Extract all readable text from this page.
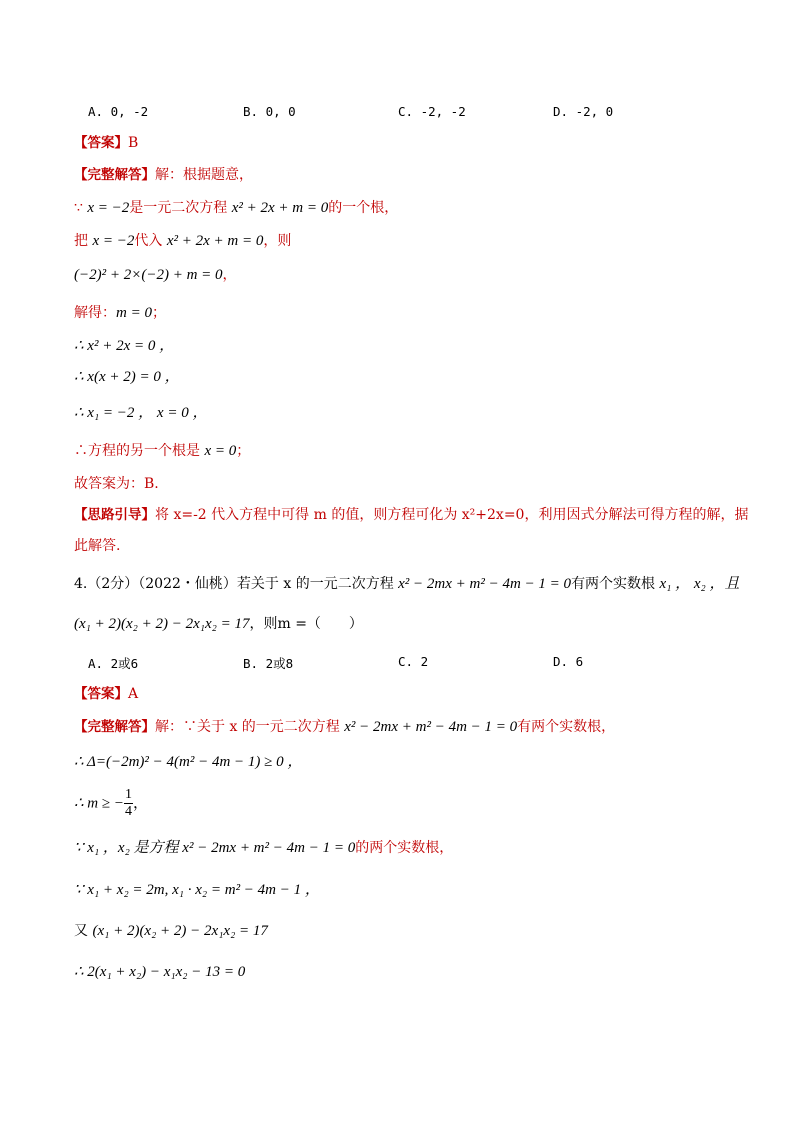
A. 0, -2	B. 0, 0	C. -2, -2	D. -2, 0
【答案】B
【完整解答】解：根据题意，
∵ x = −2是一元二次方程 x² + 2x + m = 0的一个根，
把 x = −2代入 x² + 2x + m = 0，则
(−2)² + 2×(−2) + m = 0，
解得：m = 0；
∴ x² + 2x = 0 ，
∴ x(x + 2) = 0 ，
∴ x₁ = −2 ， x = 0 ，
∴方程的另一个根是 x = 0；
故答案为：B.
【思路引导】将 x=-2 代入方程中可得 m 的值，则方程可化为 x²+2x=0，利用因式分解法可得方程的解，据
此解答.
4.（2分）（2022・仙桃）若关于 x 的一元二次方程 x² − 2mx + m² − 4m − 1 = 0有两个实数根 x₁ ， x₂ ，且
(x₁ + 2)(x₂ + 2) − 2x₁x₂ = 17，则m =（　　）
A. 2或6	B. 2或8	C. 2	D. 6
【答案】A
【完整解答】解：∵关于 x 的一元二次方程 x² − 2mx + m² − 4m − 1 = 0有两个实数根，
∴ Δ=(−2m)² − 4(m² − 4m − 1) ≥ 0 ，
∴ m ≥ − $\frac{1}{4}$ ，
∵ x₁ ，x₂ 是方程 x² − 2mx + m² − 4m − 1 = 0的两个实数根，
∵ x₁ + x₂ = 2m, x₁ · x₂ = m² − 4m − 1 ，
又 (x₁ + 2)(x₂ + 2) − 2x₁x₂ = 17
∴ 2(x₁ + x₂) − x₁x₂ − 13 = 0
